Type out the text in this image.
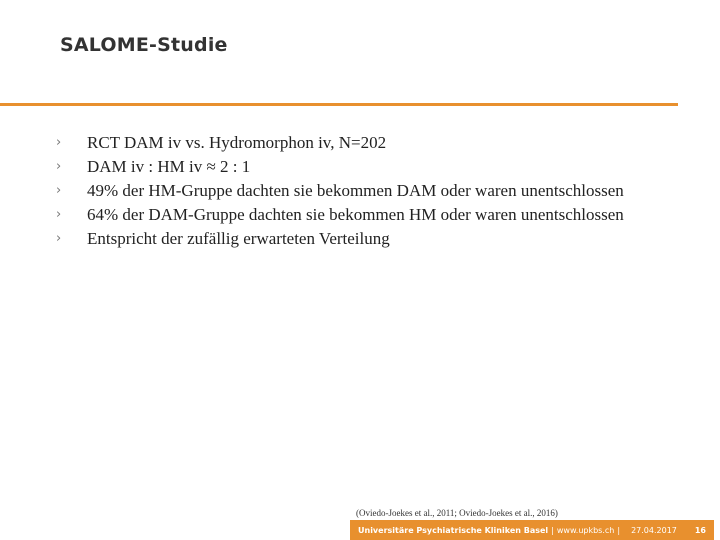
SALOME-Studie
› RCT DAM iv vs. Hydromorphon iv, N=202
› DAM iv : HM iv ≈ 2 : 1
› 49% der HM-Gruppe dachten sie bekommen DAM oder waren unentschlossen
› 64% der DAM-Gruppe dachten sie bekommen HM oder waren unentschlossen
› Entspricht der zufällig erwarteten Verteilung
(Oviedo-Joekes et al., 2011; Oviedo-Joekes et al., 2016)
Universitäre Psychiatrische Kliniken Basel | www.upkbs.ch |	27.04.2017 16
